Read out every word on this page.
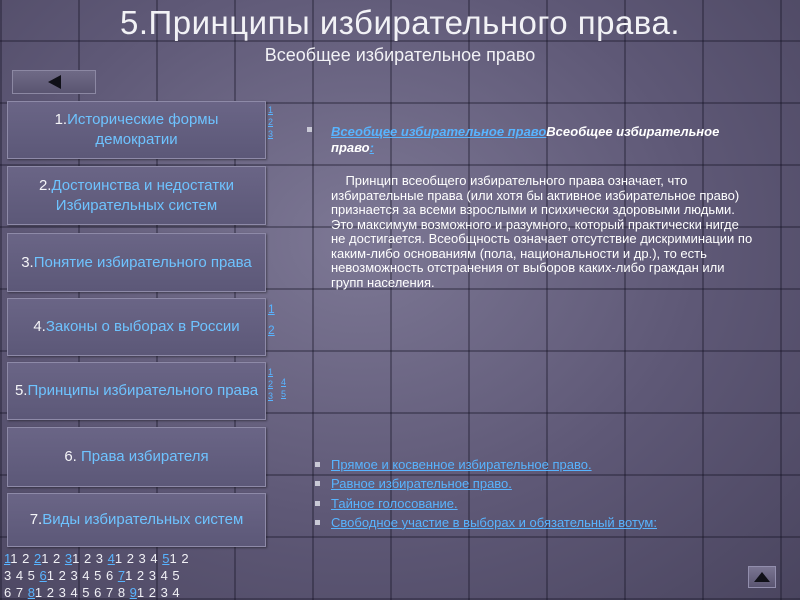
5.Принципы избирательного права.
Всеобщее избирательное право
1.Исторические формы демократии
2.Достоинства и недостатки Избирательных систем
3.Понятие избирательного права
4.Законы о выборах в России
5.Принципы избирательного права
6. Права избирателя
7.Виды избирательных систем
1
2
3
1
2
1
2
3
4
5
11 2 21 2 31 2 3 41 2 3 4 51 2
3 4 5 61 2 3 4 5 6 71 2 3 4 5
6 7 81 2 3 4 5 6 7 8 91 2 3 4
Всеобщее избирательное правоВсеобщее избирательное право:
Принцип всеобщего избирательного права означает, что избирательные права (или хотя бы активное избирательное право) признается за всеми взрослыми и психически здоровыми людьми. Это максимум возможного и разумного, который практически нигде не достигается. Всеобщность означает отсутствие дискриминации по каким-либо основаниям (пола, национальности и др.), то есть невозможность отстранения от выборов каких-либо граждан или групп населения.
Прямое и косвенное избирательное право.
Равное избирательное право.
Тайное голосование.
Свободное участие в выборах и обязательный вотум:
